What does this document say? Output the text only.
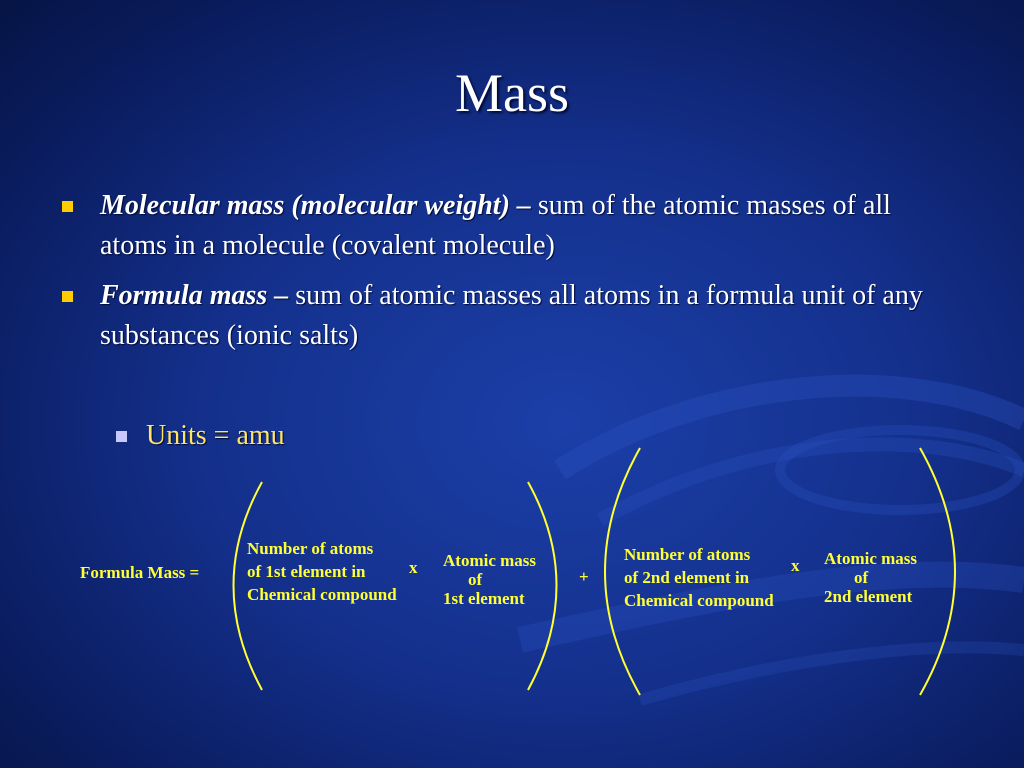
Mass
Molecular mass (molecular weight) – sum of the atomic masses of all atoms in a molecule (covalent molecule)
Formula mass – sum of atomic masses all atoms in a formula unit of any substances (ionic salts)
Units = amu
Formula Mass =
Number of atoms
of 1st element in
Chemical compound
x Atomic mass
of
1st element
+
Number of atoms
of 2nd element in
Chemical compound
x Atomic mass
of
2nd element
